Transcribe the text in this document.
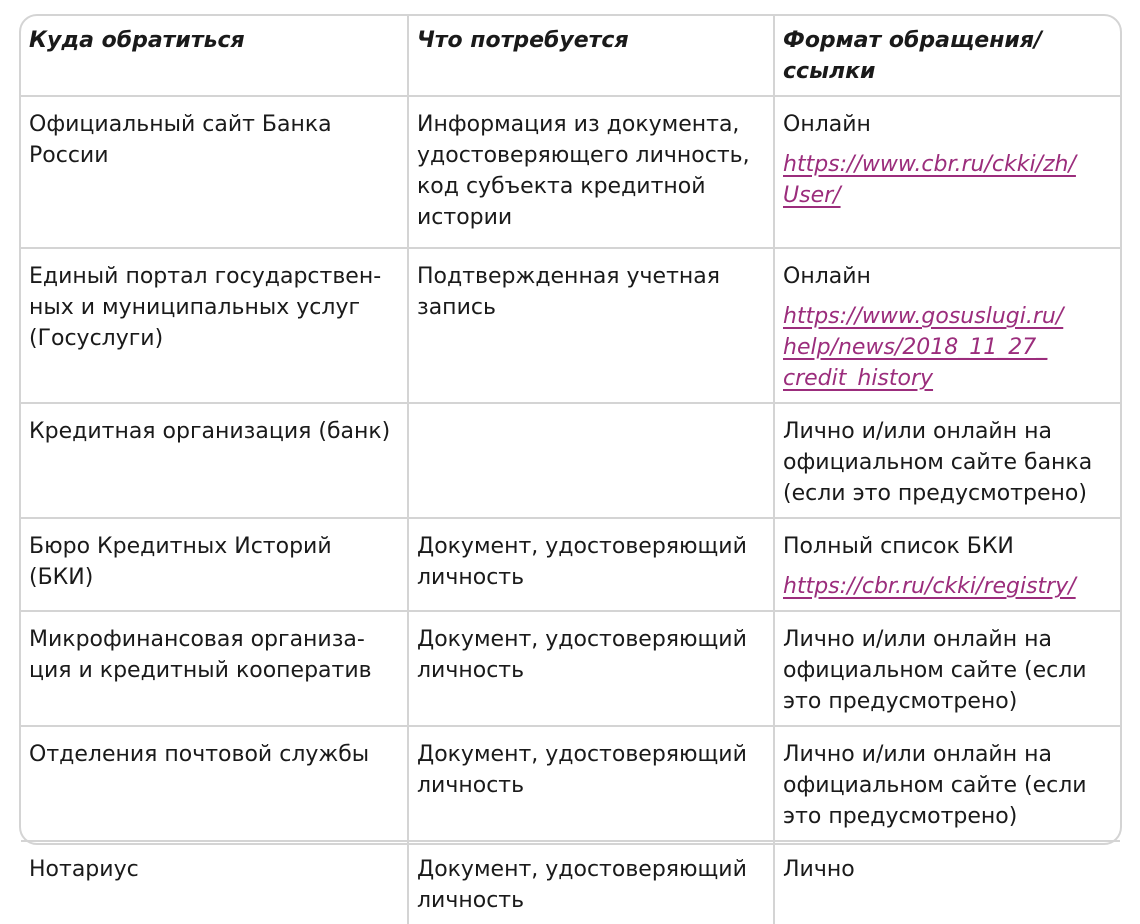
Куда обратиться	Что потребуется	Формат обращения/
ссылки

Официальный сайт Банка
России	Информация из документа,
удостоверяющего личность,
код субъекта кредитной
истории	Онлайн
https://www.cbr.ru/ckki/zh/
User/

Единый портал государствен-
ных и муниципальных услуг
(Госуслуги)	Подтвержденная учетная
запись	Онлайн
https://www.gosuslugi.ru/
help/news/2018_11_27_
credit_history

Кредитная организация (банк)		Лично и/или онлайн на
официальном сайте банка
(если это предусмотрено)

Бюро Кредитных Историй
(БКИ)	Документ, удостоверяющий
личность	Полный список БКИ
https://cbr.ru/ckki/registry/

Микрофинансовая организа-
ция и кредитный кооператив	Документ, удостоверяющий
личность	Лично и/или онлайн на
официальном сайте (если
это предусмотрено)

Отделения почтовой службы	Документ, удостоверяющий
личность	Лично и/или онлайн на
официальном сайте (если
это предусмотрено)

Нотариус	Документ, удостоверяющий
личность	Лично
